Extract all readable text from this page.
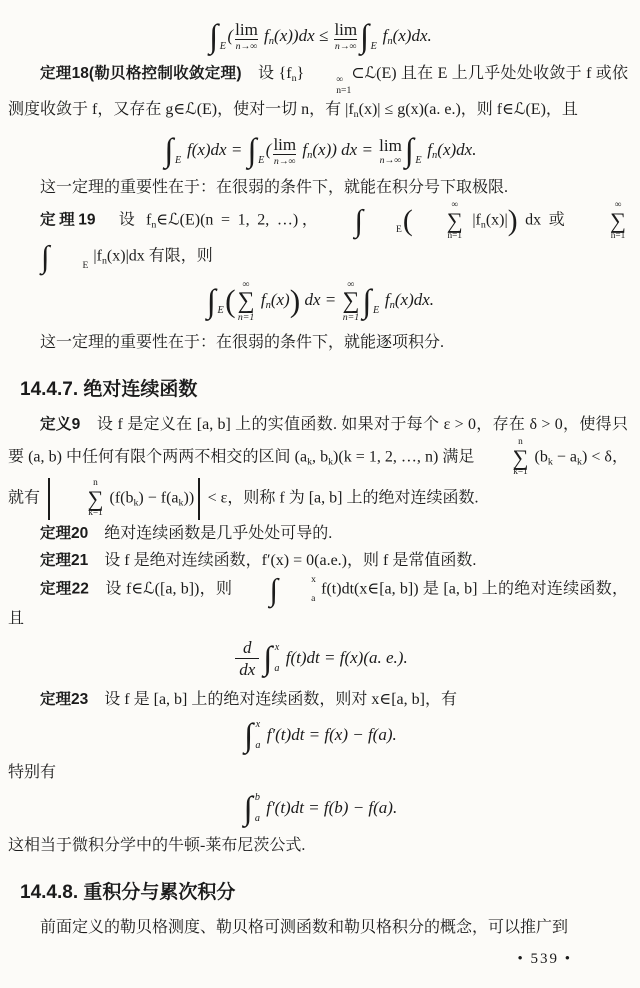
∫
E
( lim
n→∞
fn(x))dx ≤ lim
n→∞ ∫
E
fn(x)dx.

定理18(勒贝格控制收敛定理)　设 {fn}	∞
n=1
⊂ℒ(E) 且在 E 上几乎处处收敛于 f 或依测度收敛于 f，又存在 g∈ℒ(E)，使对一切 n，有 |fn(x)| ≤ g(x)(a. e.)，则 f∈ℒ(E)，且

∫
E
f(x)dx = ∫
E
( lim
n→∞
fn(x)) dx = lim
n→∞ ∫
E
fn(x)dx.

这一定理的重要性在于：在很弱的条件下，就能在积分号下取极限.

定理19　设 fn∈ℒ(E)(n = 1, 2, …)，	∫
	E (	∞
∑
n=1
|fn(x)|) dx 或
∞
∑
n=1
∫
	E
|fn(x)|dx 有限，则

∫
E ( ∞
∑
n=1
fn(x)) dx =
∞
∑
n=1 ∫
E
fn(x)dx.

这一定理的重要性在于：在很弱的条件下，就能逐项积分.

14.4.7. 绝对连续函数

定义9　设 f 是定义在 [a, b] 上的实值函数. 如果对于每个 ε > 0，存在 δ > 0，使得只要 (a, b) 中任何有限个两两不相交的区间 (ak, bk)(k = 1, 2, …, n) 满足
n
∑
k=1
(bk − ak) < δ，就有
n
∑
k=1
(f(bk) − f(ak)) < ε，则称 f 为 [a, b] 上的绝对连续函数.

定理20　绝对连续函数是几乎处处可导的.

定理21　设 f 是绝对连续函数，f′(x) = 0(a.e.)，则 f 是常值函数.

定理22　设 f∈ℒ([a, b])，则	∫	x
a
f(t)dt(x∈[a, b]) 是 [a, b] 上的绝对连续函数，且

$\frac{d}{dx}$ ∫ x
a
f(t)dt = f(x)(a. e.).

定理23　设 f 是 [a, b] 上的绝对连续函数，则对 x∈[a, b]，有

∫ x
a
f′(t)dt = f(x) − f(a).

特别有

∫ b
a
f′(t)dt = f(b) − f(a).

这相当于微积分学中的牛顿-莱布尼茨公式.

14.4.8. 重积分与累次积分

前面定义的勒贝格测度、勒贝格可测函数和勒贝格积分的概念，可以推广到

• 539 •
